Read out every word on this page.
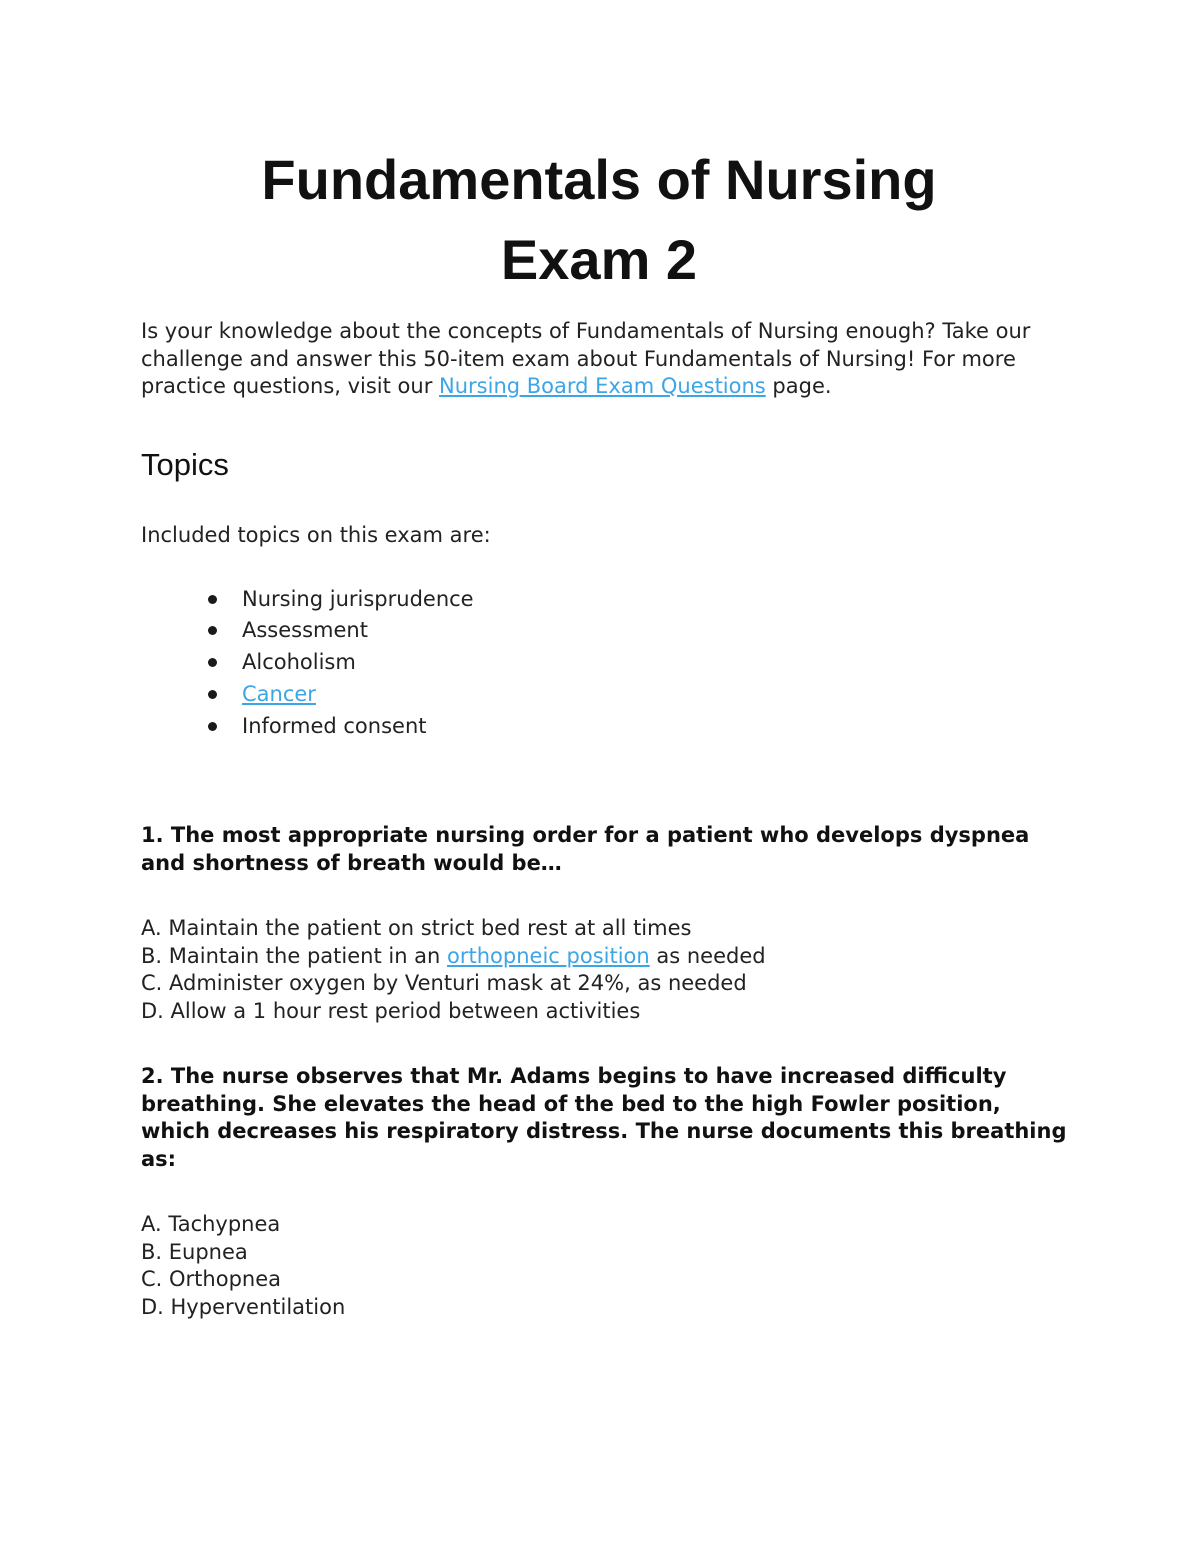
Fundamentals of Nursing
Exam 2

Is your knowledge about the concepts of Fundamentals of Nursing enough? Take our challenge and answer this 50-item exam about Fundamentals of Nursing! For more practice questions, visit our Nursing Board Exam Questions page.

Topics

Included topics on this exam are:

Nursing jurisprudence
Assessment
Alcoholism
Cancer
Informed consent

1. The most appropriate nursing order for a patient who develops dyspnea and shortness of breath would be…

A. Maintain the patient on strict bed rest at all times
B. Maintain the patient in an orthopneic position as needed
C. Administer oxygen by Venturi mask at 24%, as needed
D. Allow a 1 hour rest period between activities

2. The nurse observes that Mr. Adams begins to have increased difficulty breathing. She elevates the head of the bed to the high Fowler position, which decreases his respiratory distress. The nurse documents this breathing as:

A. Tachypnea
B. Eupnea
C. Orthopnea
D. Hyperventilation
